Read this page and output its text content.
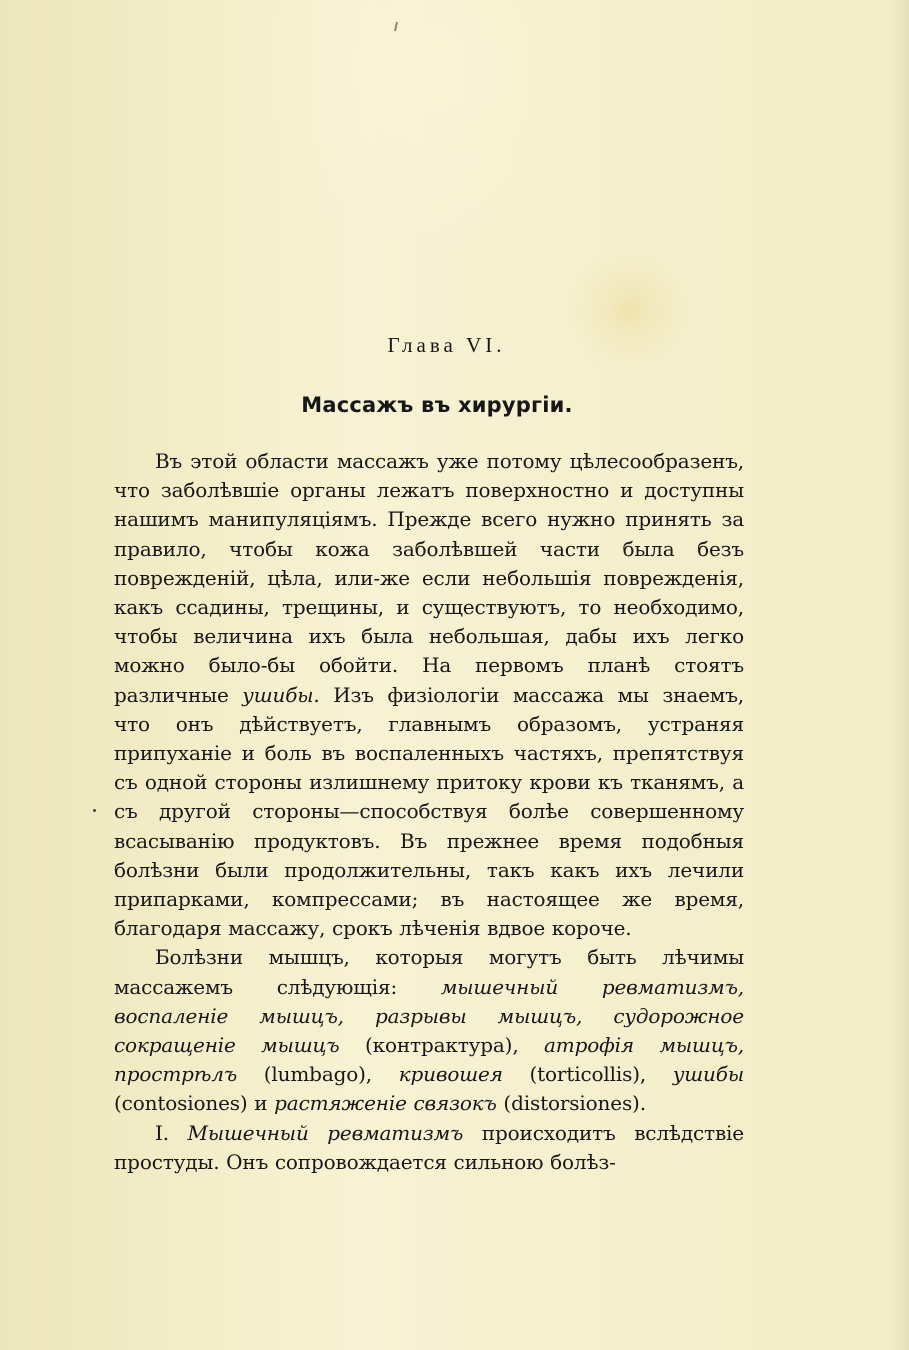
Глава VI.
Массажъ въ хирургіи.

Въ этой области массажъ уже потому цѣлесообразенъ, что заболѣвшіе органы лежатъ поверхностно и доступны нашимъ манипуляціямъ. Прежде всего нужно принять за правило, чтобы кожа заболѣвшей части была безъ поврежденій, цѣла, или-же если небольшія поврежденія, какъ ссадины, трещины, и существуютъ, то необходимо, чтобы величина ихъ была небольшая, дабы ихъ легко можно было-бы обойти. На первомъ планѣ стоятъ различные ушибы. Изъ физіологіи массажа мы знаемъ, что онъ дѣйствуетъ, главнымъ образомъ, устраняя припуханіе и боль въ воспаленныхъ частяхъ, препятствуя съ одной стороны излишнему притоку крови къ тканямъ, а съ другой стороны—способствуя болѣе совершенному всасыванію продуктовъ. Въ прежнее время подобныя болѣзни были продолжительны, такъ какъ ихъ лечили припарками, компрессами; въ настоящее же время, благодаря массажу, срокъ лѣченія вдвое короче.

Болѣзни мышцъ, которыя могутъ быть лѣчимы массажемъ слѣдующія: мышечный ревматизмъ, воспаленіе мышцъ, разрывы мышцъ, судорожное сокращеніе мышцъ (контрактура), атрофія мышцъ, прострѣлъ (lumbago), кривошея (torticollis), ушибы (contosiones) и растяженіе связокъ (distorsiones).

I. Мышечный ревматизмъ происходитъ вслѣдствіе простуды. Онъ сопровождается сильною болѣз-
